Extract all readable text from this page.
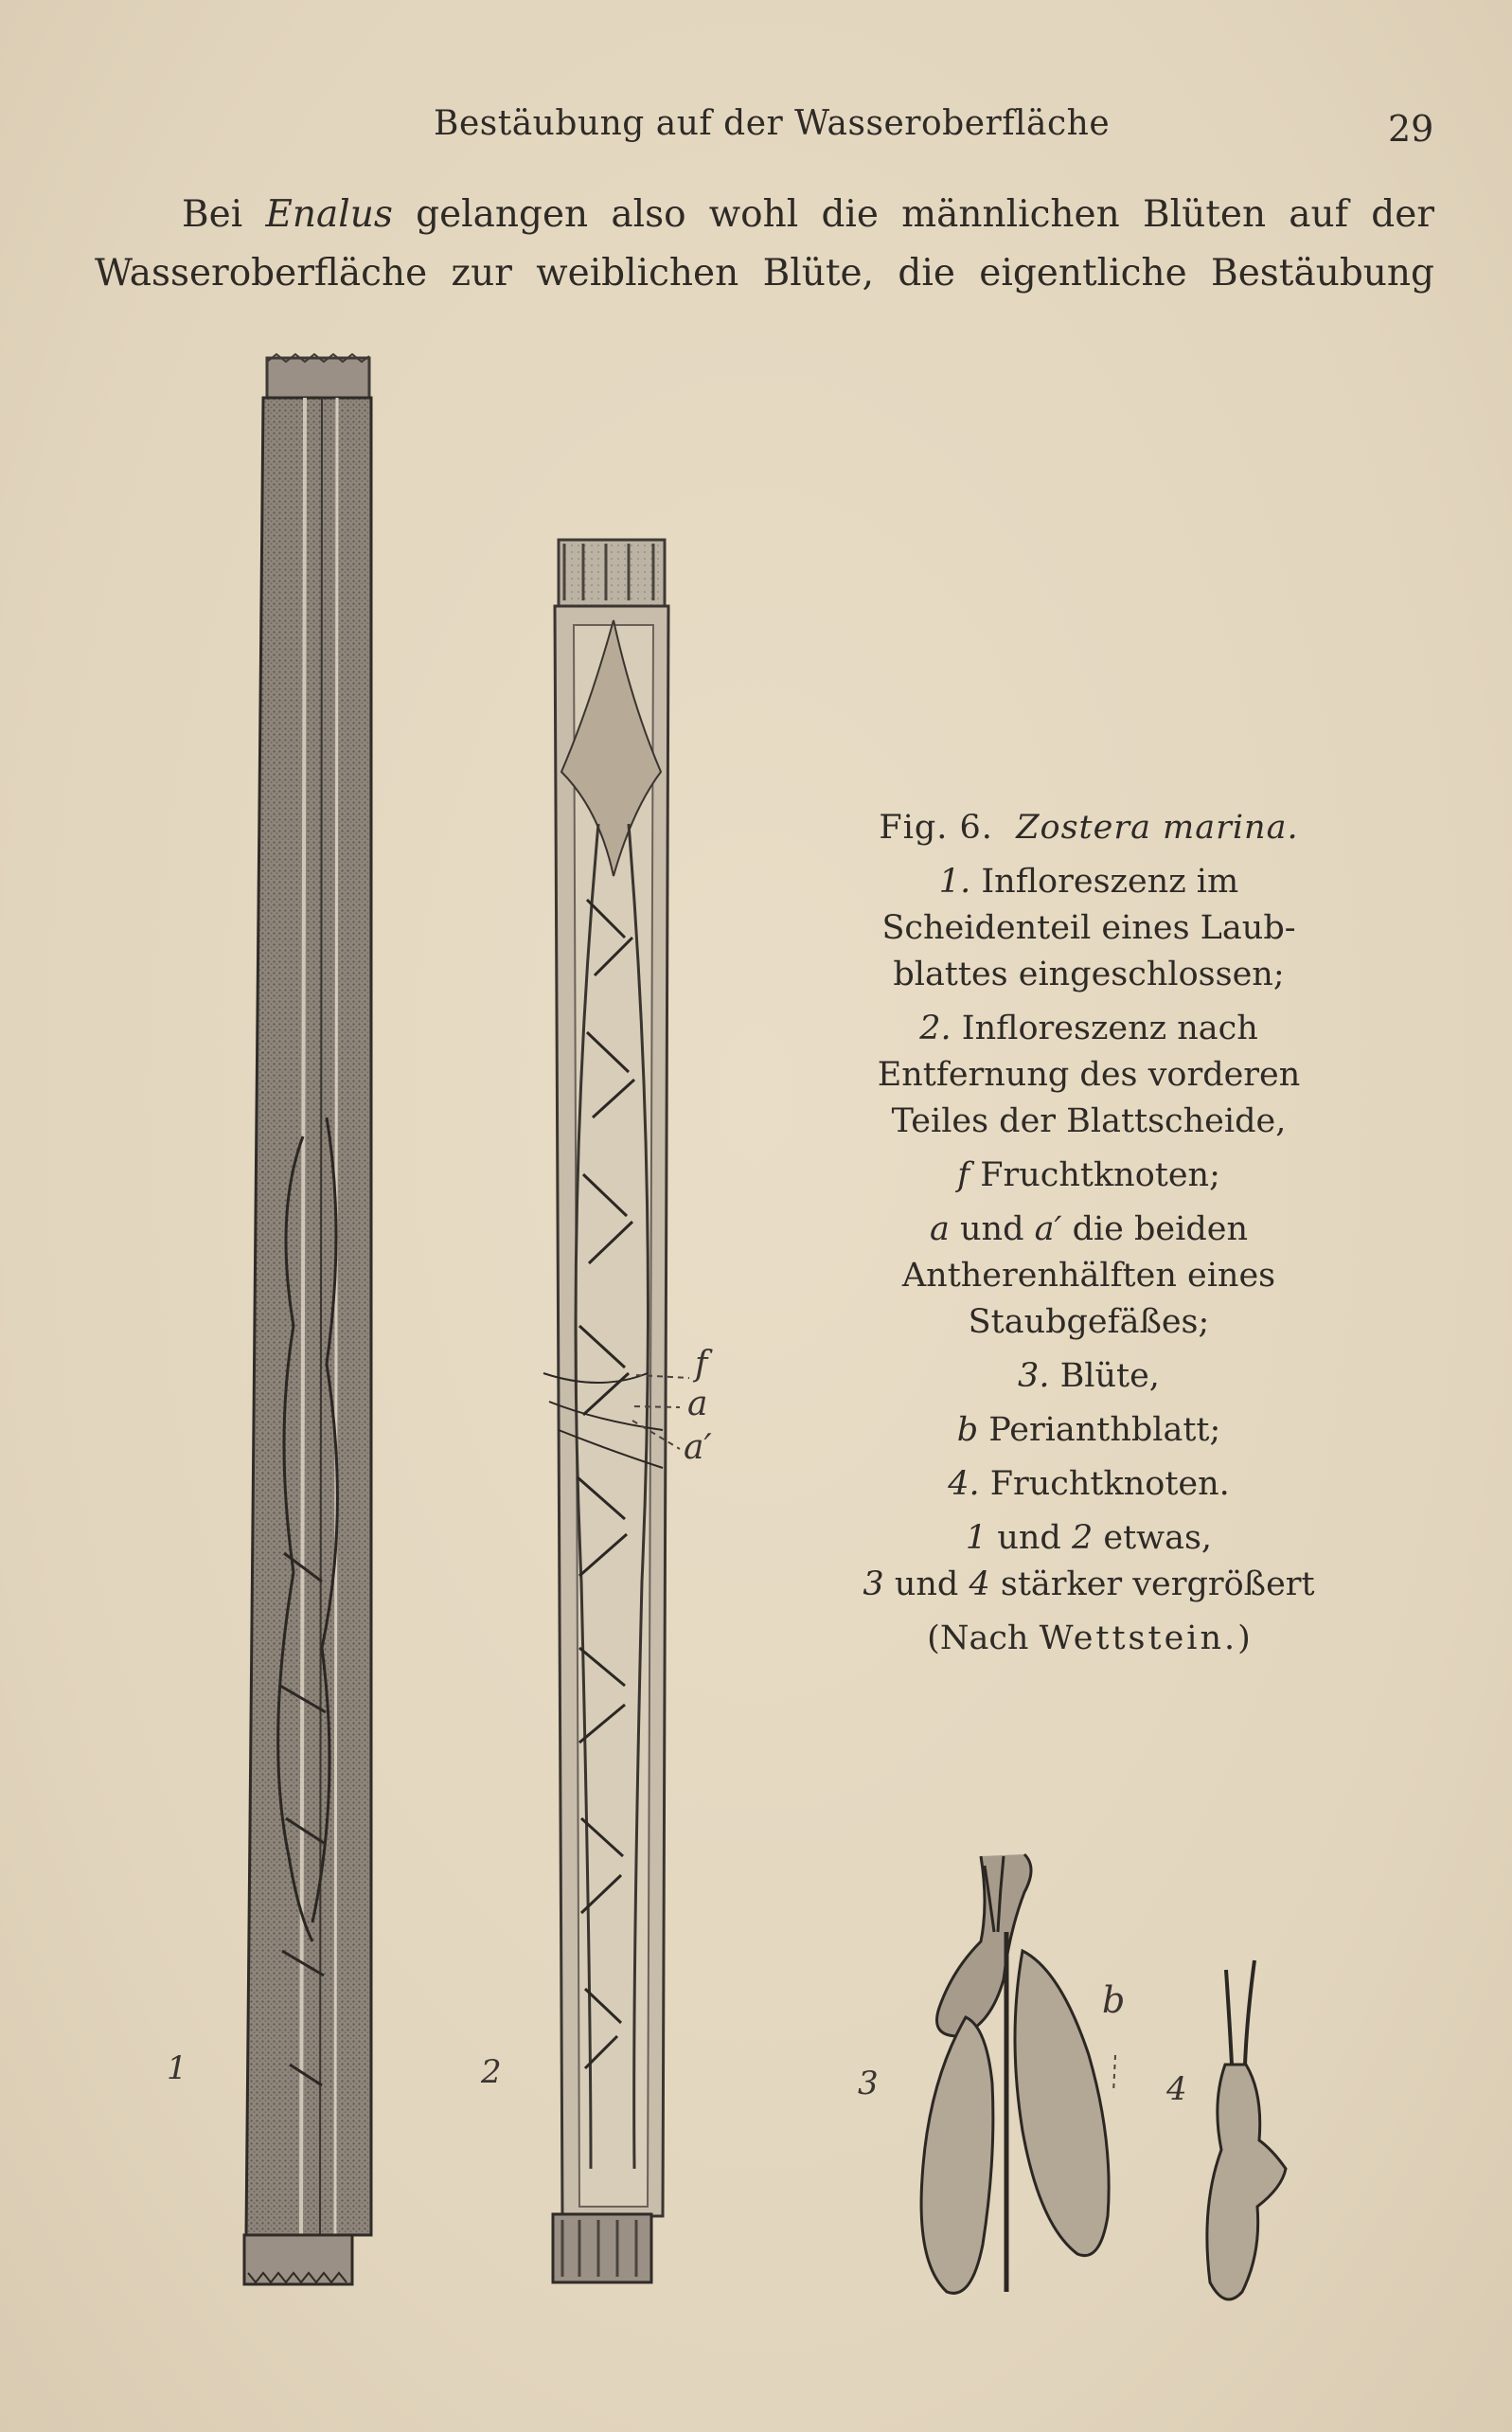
Bestäubung auf der Wasseroberfläche	29
Bei Enalus gelangen also wohl die männlichen Blüten auf der
Wasseroberfläche zur weiblichen Blüte, die eigentliche Bestäubung
1	2	3	4
f
a
a′
b

Fig. 6. Zostera marina.

1. Infloreszenz im
Scheidenteil eines Laub-
blattes eingeschlossen;

2. Infloreszenz nach
Entfernung des vorderen
Teiles der Blattscheide,

f Fruchtknoten;

a und a′ die beiden
Antherenhälften eines
Staubgefäßes;

3. Blüte,

b Perianthblatt;

4. Fruchtknoten.

1 und 2 etwas,
3 und 4 stärker vergrößert

(Nach Wettstein.)
